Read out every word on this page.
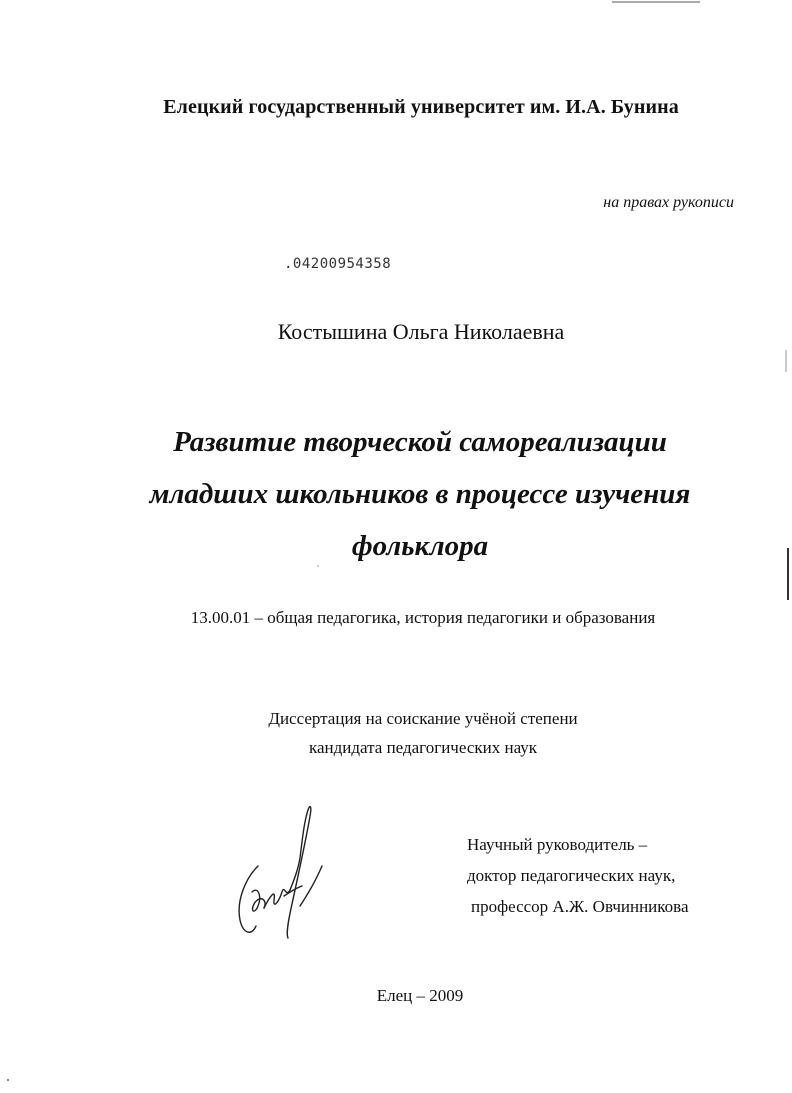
Елецкий государственный университет им. И.А. Бунина
на правах рукописи
.04200954358
Костышина Ольга Николаевна
Развитие творческой самореализации
младших школьников в процессе изучения
фольклора
13.00.01 – общая педагогика, история педагогики и образования
Диссертация на соискание учёной степени
кандидата педагогических наук
Научный руководитель –
доктор педагогических наук,
профессор А.Ж. Овчинникова
Елец – 2009
